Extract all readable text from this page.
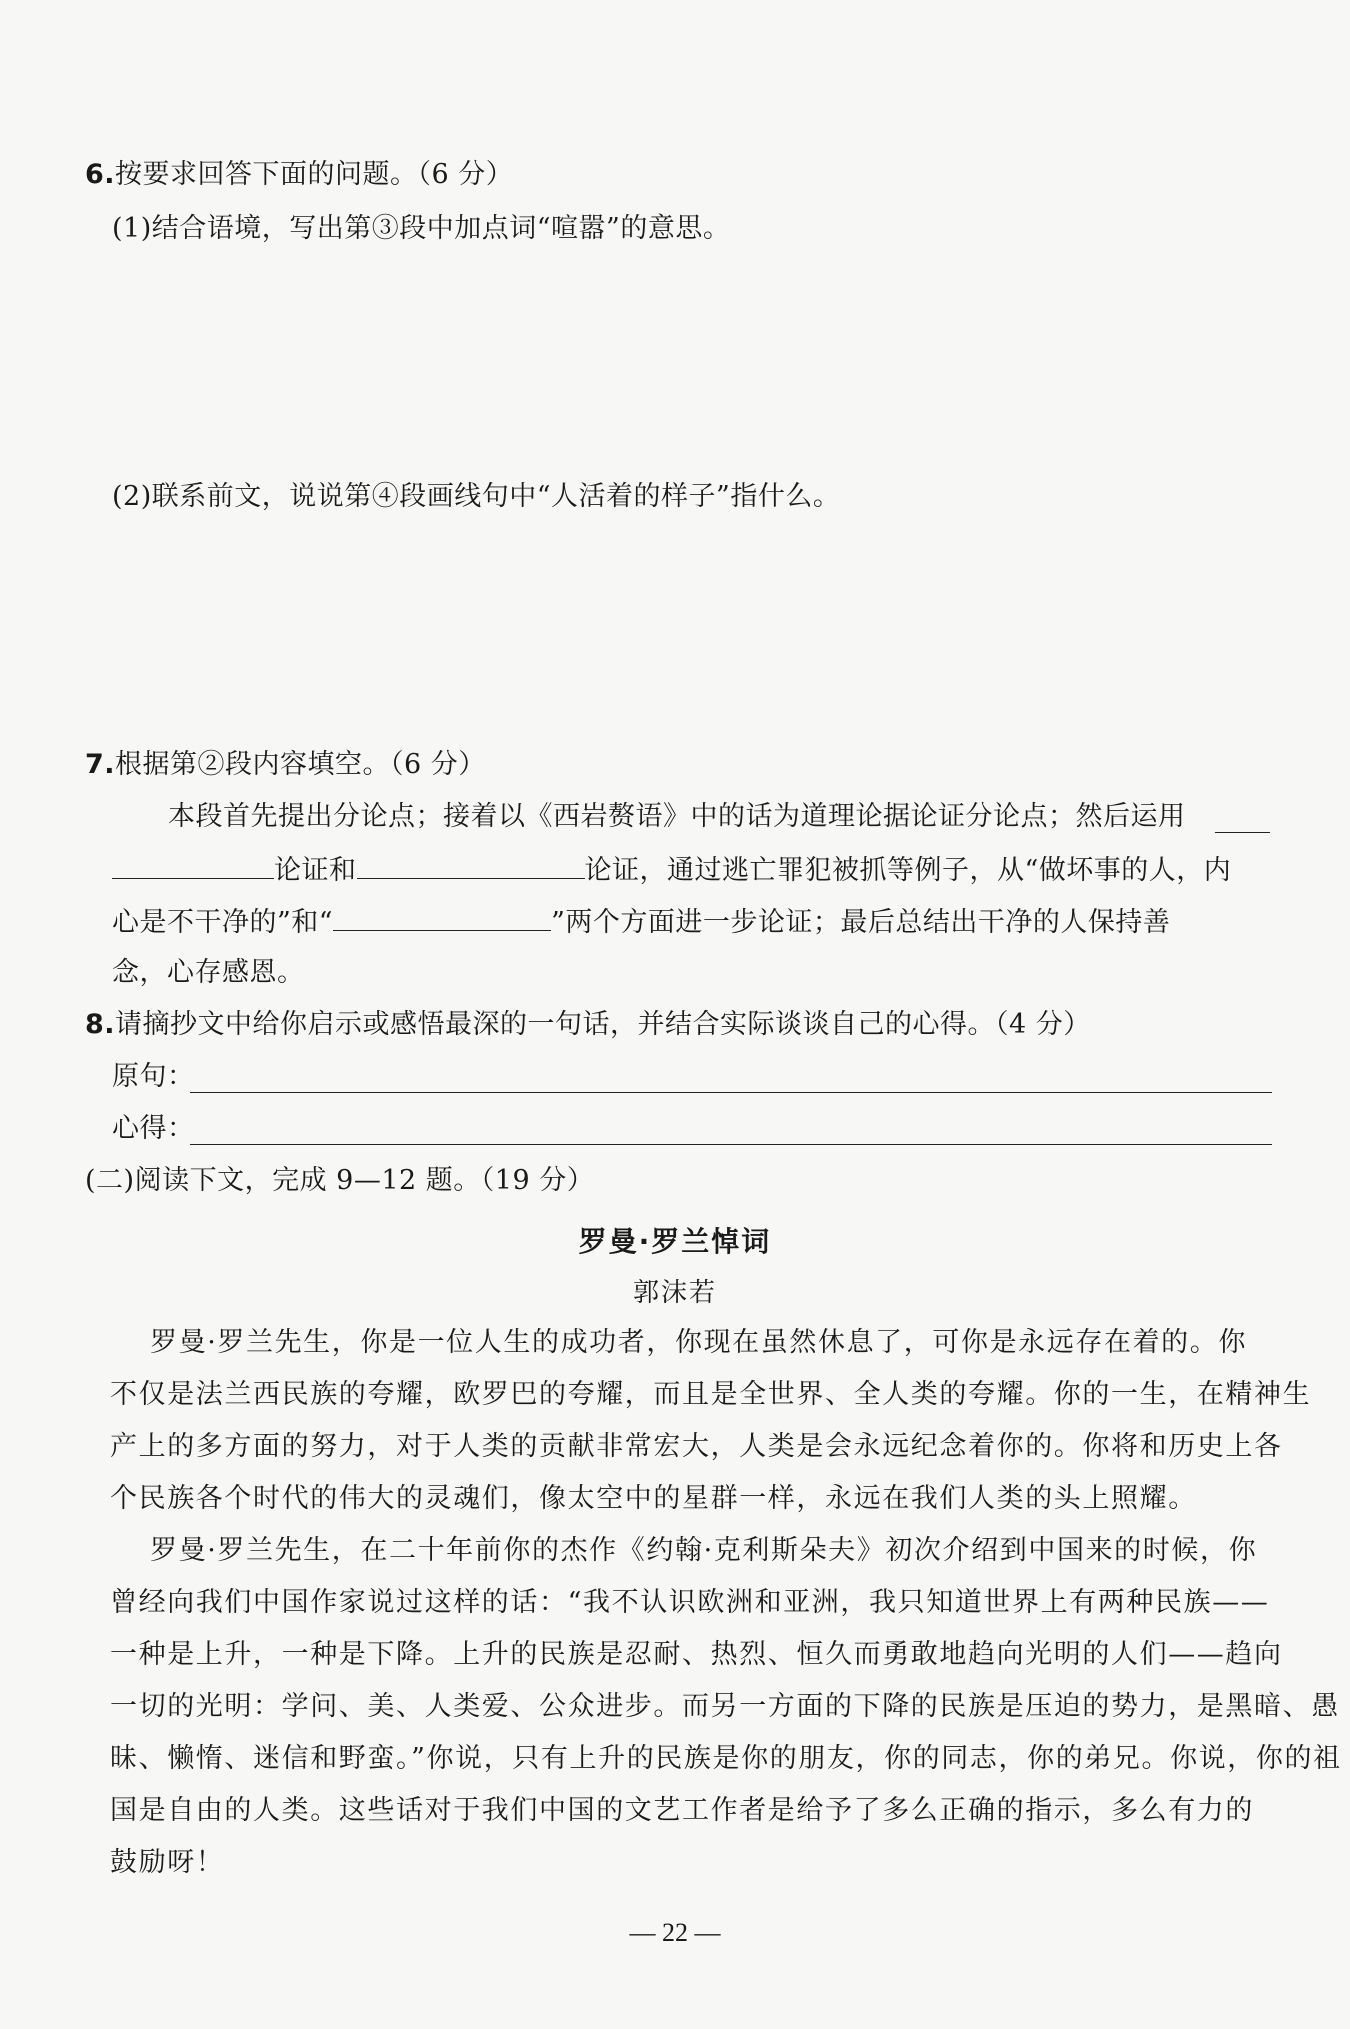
6.按要求回答下面的问题。（6 分）
(1)结合语境，写出第③段中加点词“喧嚣”的意思。
(2)联系前文，说说第④段画线句中“人活着的样子”指什么。
7.根据第②段内容填空。（6 分）
本段首先提出分论点；接着以《西岩赘语》中的话为道理论据论证分论点；然后运用
论证和	论证，通过逃亡罪犯被抓等例子，从“做坏事的人，内
心是不干净的”和“	”两个方面进一步论证；最后总结出干净的人保持善
念，心存感恩。
8.请摘抄文中给你启示或感悟最深的一句话，并结合实际谈谈自己的心得。（4 分）
原句：
心得：
(二)阅读下文，完成 9—12 题。（19 分）
罗曼·罗兰悼词
郭沫若
罗曼·罗兰先生，你是一位人生的成功者，你现在虽然休息了，可你是永远存在着的。你
不仅是法兰西民族的夸耀，欧罗巴的夸耀，而且是全世界、全人类的夸耀。你的一生，在精神生
产上的多方面的努力，对于人类的贡献非常宏大，人类是会永远纪念着你的。你将和历史上各
个民族各个时代的伟大的灵魂们，像太空中的星群一样，永远在我们人类的头上照耀。
罗曼·罗兰先生，在二十年前你的杰作《约翰·克利斯朵夫》初次介绍到中国来的时候，你
曾经向我们中国作家说过这样的话：“我不认识欧洲和亚洲，我只知道世界上有两种民族——
一种是上升，一种是下降。上升的民族是忍耐、热烈、恒久而勇敢地趋向光明的人们——趋向
一切的光明：学问、美、人类爱、公众进步。而另一方面的下降的民族是压迫的势力，是黑暗、愚
昧、懒惰、迷信和野蛮。”你说，只有上升的民族是你的朋友，你的同志，你的弟兄。你说，你的祖
国是自由的人类。这些话对于我们中国的文艺工作者是给予了多么正确的指示，多么有力的
鼓励呀！
— 22 —
